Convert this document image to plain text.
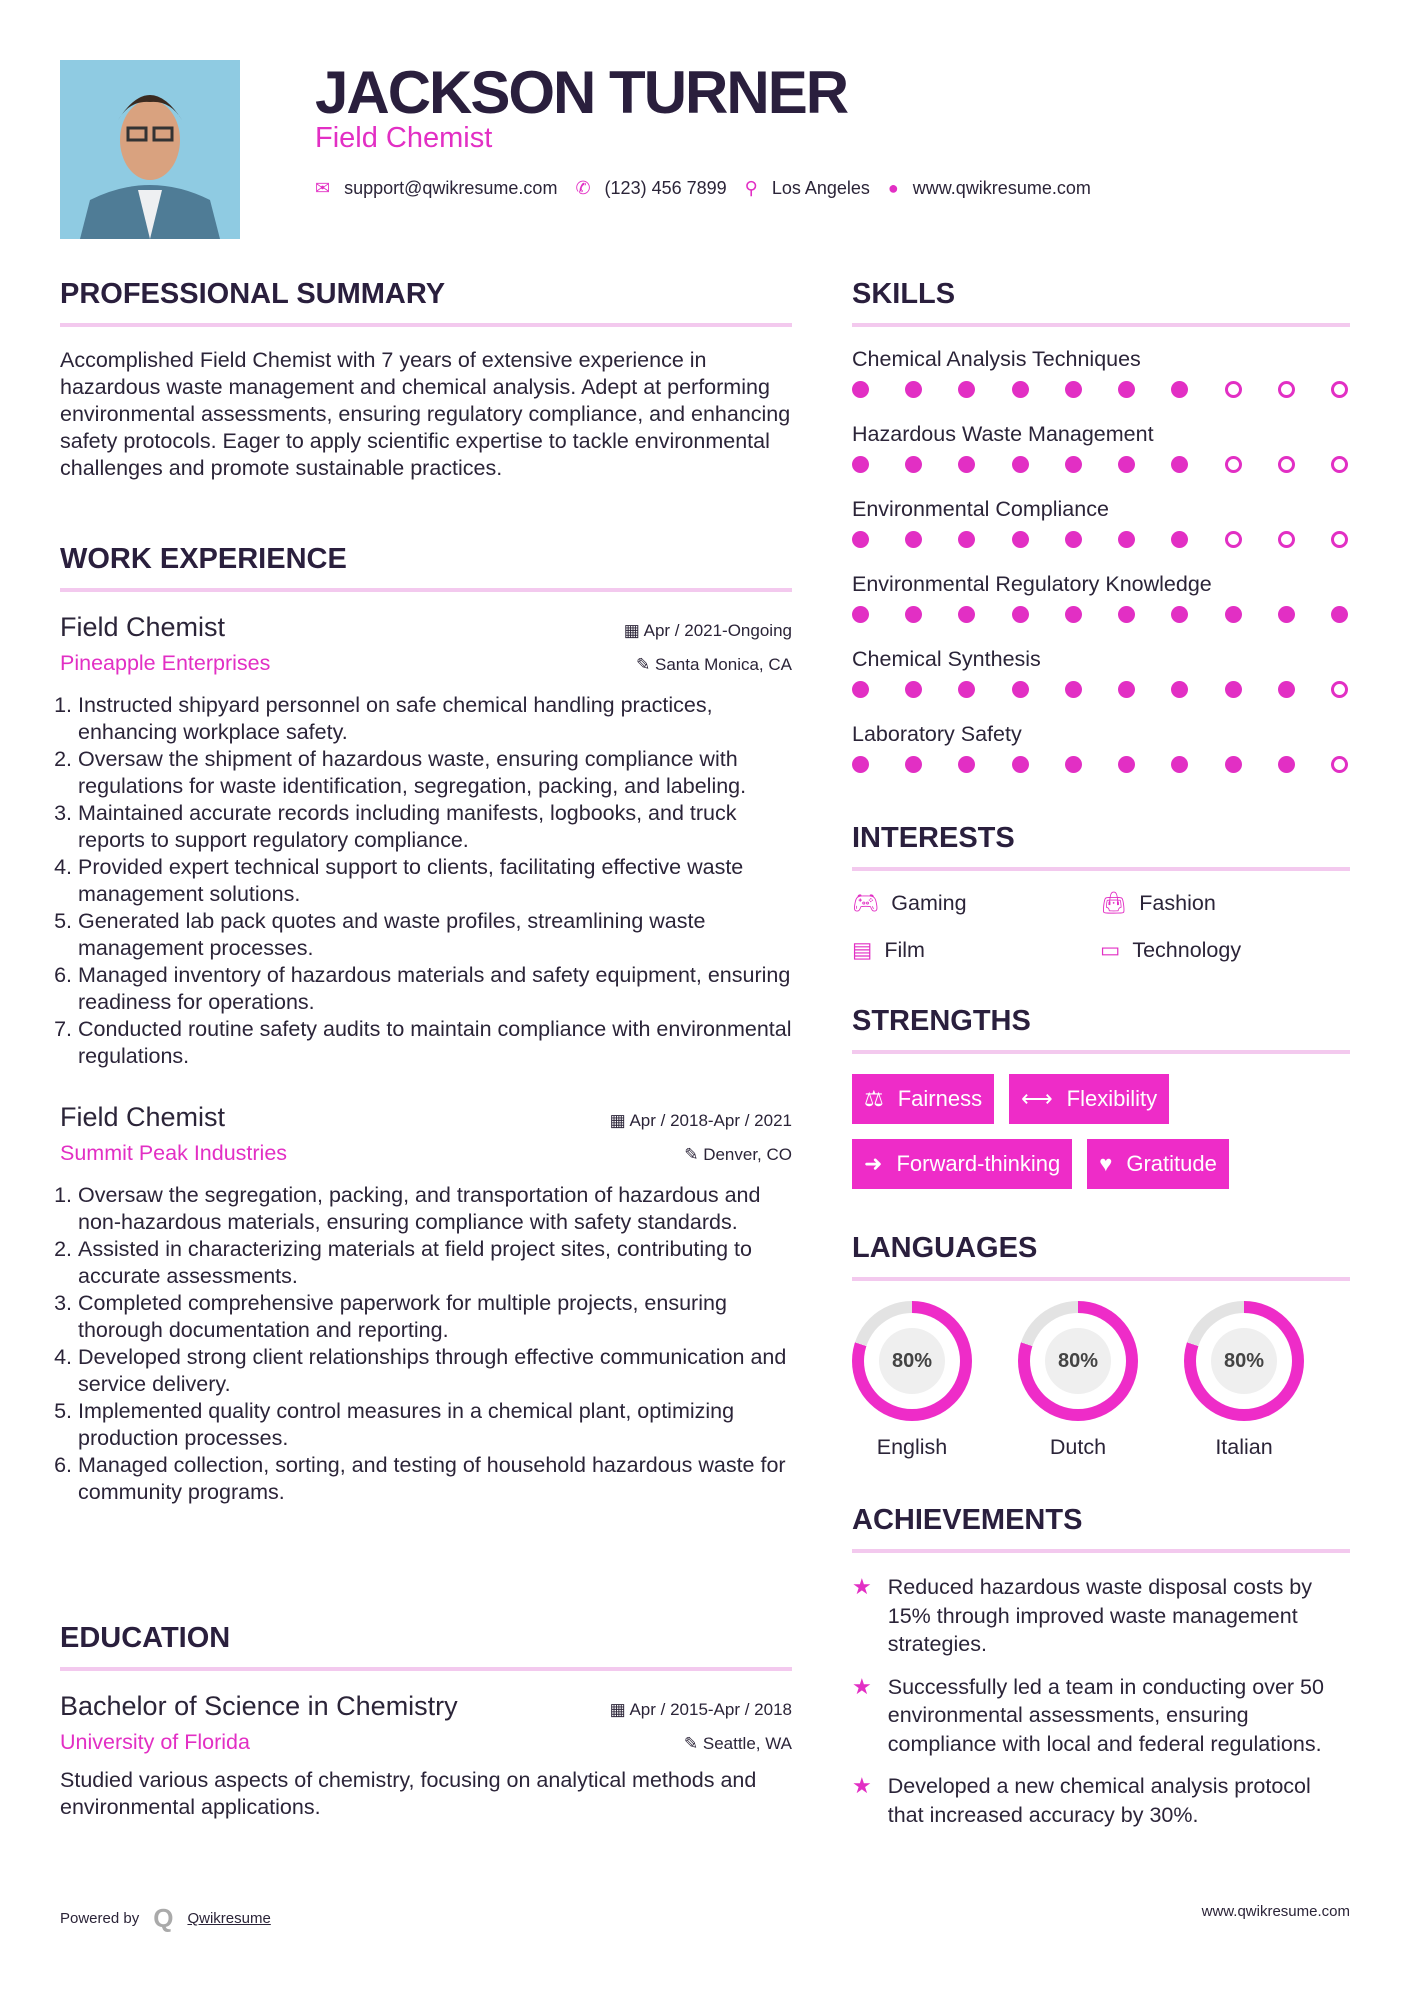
JACKSON TURNER
Field Chemist
✉ support@qwikresume.com ✆ (123) 456 7899 ⚲ Los Angeles ● www.qwikresume.com
PROFESSIONAL SUMMARY
Accomplished Field Chemist with 7 years of extensive experience in hazardous waste management and chemical analysis. Adept at performing environmental assessments, ensuring regulatory compliance, and enhancing safety protocols. Eager to apply scientific expertise to tackle environmental challenges and promote sustainable practices.
WORK EXPERIENCE
Field Chemist	▦ Apr / 2021-Ongoing
Pineapple Enterprises	✎ Santa Monica, CA
1. Instructed shipyard personnel on safe chemical handling practices, enhancing workplace safety.
2. Oversaw the shipment of hazardous waste, ensuring compliance with regulations for waste identification, segregation, packing, and labeling.
3. Maintained accurate records including manifests, logbooks, and truck reports to support regulatory compliance.
4. Provided expert technical support to clients, facilitating effective waste management solutions.
5. Generated lab pack quotes and waste profiles, streamlining waste management processes.
6. Managed inventory of hazardous materials and safety equipment, ensuring readiness for operations.
7. Conducted routine safety audits to maintain compliance with environmental regulations.
Field Chemist	▦ Apr / 2018-Apr / 2021
Summit Peak Industries	✎ Denver, CO
1. Oversaw the segregation, packing, and transportation of hazardous and non-hazardous materials, ensuring compliance with safety standards.
2. Assisted in characterizing materials at field project sites, contributing to accurate assessments.
3. Completed comprehensive paperwork for multiple projects, ensuring thorough documentation and reporting.
4. Developed strong client relationships through effective communication and service delivery.
5. Implemented quality control measures in a chemical plant, optimizing production processes.
6. Managed collection, sorting, and testing of household hazardous waste for community programs.
EDUCATION
Bachelor of Science in Chemistry	▦ Apr / 2015-Apr / 2018
University of Florida	✎ Seattle, WA
Studied various aspects of chemistry, focusing on analytical methods and environmental applications.
SKILLS
Chemical Analysis Techniques
Hazardous Waste Management
Environmental Compliance
Environmental Regulatory Knowledge
Chemical Synthesis
Laboratory Safety
INTERESTS
🎮︎ Gaming	👜︎ Fashion
▤ Film	▭ Technology
STRENGTHS
⚖ Fairness ⟷ Flexibility
➜ Forward-thinking ♥ Gratitude
LANGUAGES
80%
English
80%
Dutch
80%
Italian
ACHIEVEMENTS
★ Reduced hazardous waste disposal costs by 15% through improved waste management strategies.
★ Successfully led a team in conducting over 50 environmental assessments, ensuring compliance with local and federal regulations.
★ Developed a new chemical analysis protocol that increased accuracy by 30%.
Powered by Q Qwikresume	www.qwikresume.com
